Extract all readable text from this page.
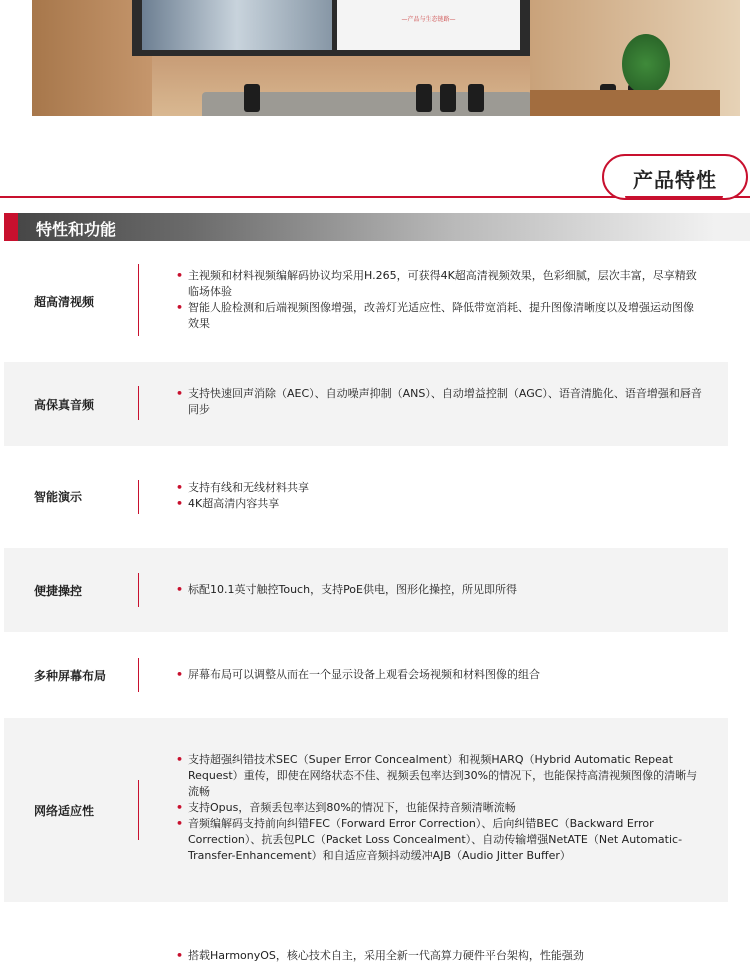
—产品与生态链路—
产品特性
特性和功能
超高清视频
• 主视频和材料视频编解码协议均采用H.265，可获得4K超高清视频效果，色彩细腻，层次丰富，尽享精致临场体验
• 智能人脸检测和后端视频图像增强，改善灯光适应性、降低带宽消耗、提升图像清晰度以及增强运动图像效果
高保真音频
• 支持快速回声消除（AEC）、自动噪声抑制（ANS）、自动增益控制（AGC）、语音清脆化、语音增强和唇音同步
智能演示
• 支持有线和无线材料共享
• 4K超高清内容共享
便捷操控	• 标配10.1英寸触控Touch，支持PoE供电，图形化操控，所见即所得
多种屏幕布局	• 屏幕布局可以调整从而在一个显示设备上观看会场视频和材料图像的组合
网络适应性
• 支持超强纠错技术SEC（Super Error Concealment）和视频HARQ（Hybrid Automatic Repeat Request）重传，即使在网络状态不佳、视频丢包率达到30%的情况下，也能保持高清视频图像的清晰与流畅
• 支持Opus，音频丢包率达到80%的情况下，也能保持音频清晰流畅
• 音频编解码支持前向纠错FEC（Forward Error Correction）、后向纠错BEC（Backward Error Correction）、抗丢包PLC（Packet Loss Concealment）、自动传输增强NetATE（Net Automatic-Transfer-Enhancement）和自适应音频抖动缓冲AJB（Audio Jitter Buffer）
• 搭载HarmonyOS，核心技术自主，采用全新一代高算力硬件平台架构，性能强劲
